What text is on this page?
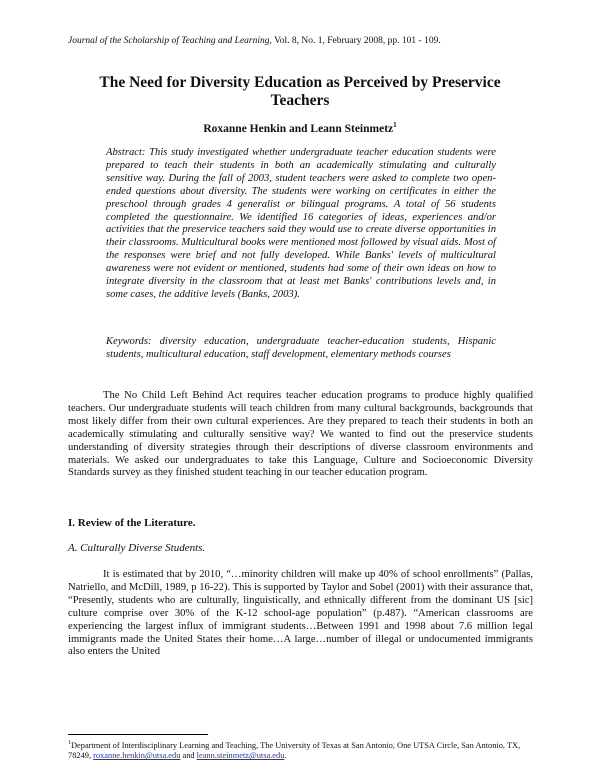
Journal of the Scholarship of Teaching and Learning, Vol. 8, No. 1, February 2008, pp. 101 - 109.
The Need for Diversity Education as Perceived by Preservice Teachers
Roxanne Henkin and Leann Steinmetz$^1$

Abstract: This study investigated whether undergraduate teacher education students were prepared to teach their students in both an academically stimulating and culturally sensitive way. During the fall of 2003, student teachers were asked to complete two open-ended questions about diversity. The students were working on certificates in either the preschool through grades 4 generalist or bilingual programs. A total of 56 students completed the questionnaire. We identified 16 categories of ideas, experiences and/or activities that the preservice teachers said they would use to create diverse opportunities in their classrooms. Multicultural books were mentioned most followed by visual aids. Most of the responses were brief and not fully developed. While Banks' levels of multicultural awareness were not evident or mentioned, students had some of their own ideas on how to integrate diversity in the classroom that at least met Banks' contributions levels and, in some cases, the additive levels (Banks, 2003).

Keywords: diversity education, undergraduate teacher-education students, Hispanic students, multicultural education, staff development, elementary methods courses

The No Child Left Behind Act requires teacher education programs to produce highly qualified teachers. Our undergraduate students will teach children from many cultural backgrounds, backgrounds that most likely differ from their own cultural experiences. Are they prepared to teach their students in both an academically stimulating and culturally sensitive way? We wanted to find out the preservice students understanding of diversity strategies through their descriptions of diverse classroom environments and materials. We asked our undergraduates to take this Language, Culture and Socioeconomic Diversity Standards survey as they finished student teaching in our teacher education program.

I. Review of the Literature.
A. Culturally Diverse Students.

It is estimated that by 2010, “…minority children will make up 40% of school enrollments” (Pallas, Natriello, and McDill, 1989, p 16-22). This is supported by Taylor and Sobel (2001) with their assurance that, “Presently, students who are culturally, linguistically, and ethnically different from the dominant US [sic] culture comprise over 30% of the K-12 school-age population” (p.487). “American classrooms are experiencing the largest influx of immigrant students…Between 1991 and 1998 about 7.6 million legal immigrants made the United States their home…A large…number of illegal or undocumented immigrants also enters the United

$^1$Department of Interdisciplinary Learning and Teaching, The University of Texas at San Antonio, One UTSA Circle, San Antonio, TX, 78249, roxanne.henkin@utsa.edu and leann.steinmetz@utsa.edu.
